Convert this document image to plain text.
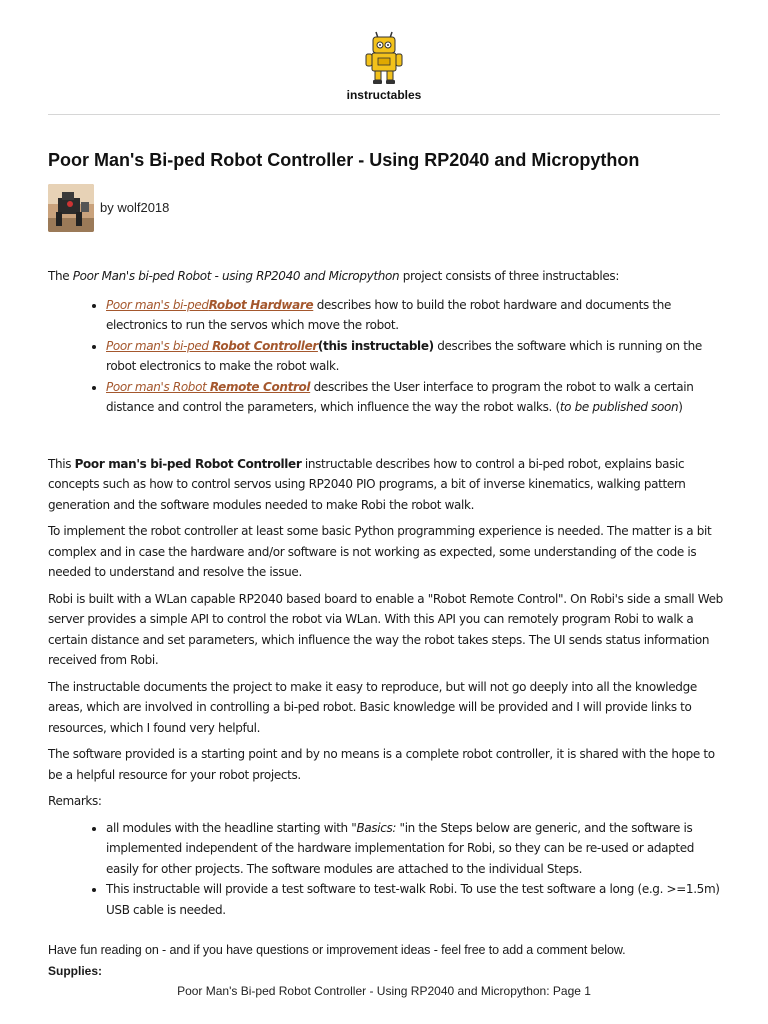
instructables
Poor Man's Bi-ped Robot Controller - Using RP2040 and Micropython
by wolf2018

The Poor Man's bi-ped Robot - using RP2040 and Micropython project consists of three instructables:

• Poor man's bi-pedRobot Hardware describes how to build the robot hardware and documents the electronics to run the servos which move the robot.
• Poor man's bi-ped Robot Controller(this instructable) describes the software which is running on the robot electronics to make the robot walk.
• Poor man's Robot Remote Control describes the User interface to program the robot to walk a certain distance and control the parameters, which influence the way the robot walks. (to be published soon)

This Poor man's bi-ped Robot Controller instructable describes how to control a bi-ped robot, explains basic concepts such as how to control servos using RP2040 PIO programs, a bit of inverse kinematics, walking pattern generation and the software modules needed to make Robi the robot walk.

To implement the robot controller at least some basic Python programming experience is needed. The matter is a bit complex and in case the hardware and/or software is not working as expected, some understanding of the code is needed to understand and resolve the issue.

Robi is built with a WLan capable RP2040 based board to enable a "Robot Remote Control". On Robi's side a small Web server provides a simple API to control the robot via WLan. With this API you can remotely program Robi to walk a certain distance and set parameters, which influence the way the robot takes steps. The UI sends status information received from Robi.

The instructable documents the project to make it easy to reproduce, but will not go deeply into all the knowledge areas, which are involved in controlling a bi-ped robot. Basic knowledge will be provided and I will provide links to resources, which I found very helpful.

The software provided is a starting point and by no means is a complete robot controller, it is shared with the hope to be a helpful resource for your robot projects.

Remarks:

• all modules with the headline starting with "Basics: "in the Steps below are generic, and the software is implemented independent of the hardware implementation for Robi, so they can be re-used or adapted easily for other projects. The software modules are attached to the individual Steps.
• This instructable will provide a test software to test-walk Robi. To use the test software a long (e.g. >=1.5m) USB cable is needed.

Have fun reading on - and if you have questions or improvement ideas - feel free to add a comment below.

Supplies:

Poor Man's Bi-ped Robot Controller - Using RP2040 and Micropython: Page 1
